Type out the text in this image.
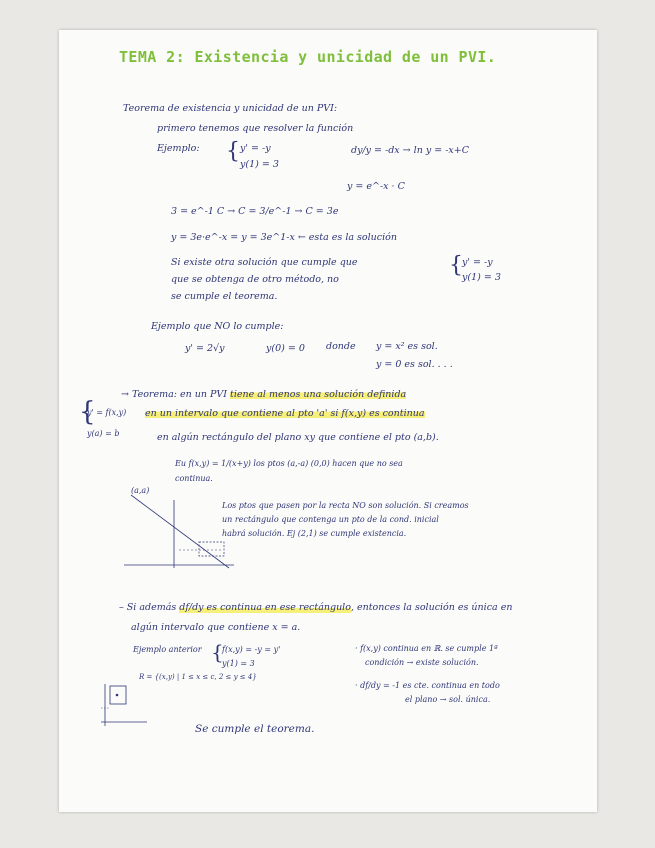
TEMA 2: Existencia y unicidad de un PVI.
Teorema de existencia y unicidad de un PVI:
primero tenemos que resolver la función
Ejemplo: { y' = -y
y(1) = 3
dy/y = -dx → ln y = -x+C
y = e^-x · C
3 = e^-1 C → C = 3/e^-1 → C = 3e
y = 3e·e^-x = y = 3e^1-x ← esta es la solución
Si existe otra solución que cumple que
que se obtenga de otro método, no
se cumple el teorema.
{ y' = -y
y(1) = 3
Ejemplo que NO lo cumple:
y' = 2√y	y(0) = 0 donde y = x² es sol.
y = 0 es sol. . . .
{
y' = f(x,y)
y(a) = b
→ Teorema: en un PVI tiene al menos una solución definida
en un intervalo que contiene al pto 'a' si f(x,y) es continua
en algún rectángulo del plano xy que contiene el pto (a,b).
Eu f(x,y) = 1/(x+y) los ptos (a,-a) (0,0) hacen que no sea
continua.
(a,a)
Los ptos que pasen por la recta NO son solución. Si creamos
un rectángulo que contenga un pto de la cond. inicial
habrá solución. Ej (2,1) se cumple existencia.
– Si además df/dy es continua en ese rectángulo, entonces la solución es única en
algún intervalo que contiene x = a.
Ejemplo anterior {
f(x,y) = -y = y'
y(1) = 3
R = {(x,y) | 1 ≤ x ≤ c, 2 ≤ y ≤ 4}
· f(x,y) continua en ℝ. se cumple 1ª
condición → existe solución.
· df/dy = -1 es cte. continua en todo
el plano → sol. única.
Se cumple el teorema.
